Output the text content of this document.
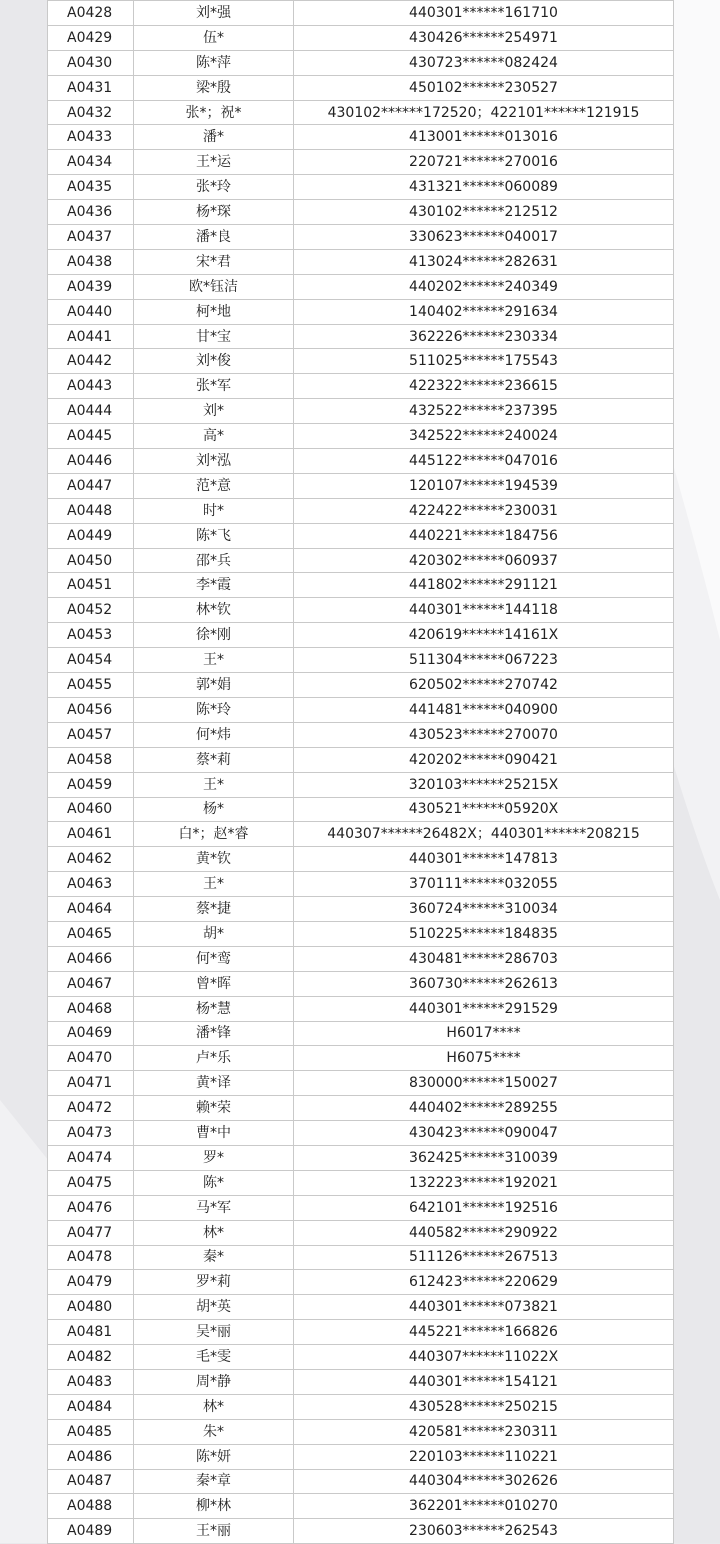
A0428	刘*强	440301******161710
A0429	伍*	430426******254971
A0430	陈*萍	430723******082424
A0431	梁*殷	450102******230527
A0432	张*；祝*	430102******172520；422101******121915
A0433	潘*	413001******013016
A0434	王*运	220721******270016
A0435	张*玲	431321******060089
A0436	杨*琛	430102******212512
A0437	潘*良	330623******040017
A0438	宋*君	413024******282631
A0439	欧*钰洁	440202******240349
A0440	柯*地	140402******291634
A0441	甘*宝	362226******230334
A0442	刘*俊	511025******175543
A0443	张*军	422322******236615
A0444	刘*	432522******237395
A0445	高*	342522******240024
A0446	刘*泓	445122******047016
A0447	范*意	120107******194539
A0448	时*	422422******230031
A0449	陈*飞	440221******184756
A0450	邵*兵	420302******060937
A0451	李*霞	441802******291121
A0452	林*钦	440301******144118
A0453	徐*刚	420619******14161X
A0454	王*	511304******067223
A0455	郭*娟	620502******270742
A0456	陈*玲	441481******040900
A0457	何*炜	430523******270070
A0458	蔡*莉	420202******090421
A0459	王*	320103******25215X
A0460	杨*	430521******05920X
A0461	白*；赵*睿	440307******26482X；440301******208215
A0462	黄*钦	440301******147813
A0463	王*	370111******032055
A0464	蔡*捷	360724******310034
A0465	胡*	510225******184835
A0466	何*鸾	430481******286703
A0467	曾*晖	360730******262613
A0468	杨*慧	440301******291529
A0469	潘*锋	H6017****
A0470	卢*乐	H6075****
A0471	黄*译	830000******150027
A0472	赖*荣	440402******289255
A0473	曹*中	430423******090047
A0474	罗*	362425******310039
A0475	陈*	132223******192021
A0476	马*军	642101******192516
A0477	林*	440582******290922
A0478	秦*	511126******267513
A0479	罗*莉	612423******220629
A0480	胡*英	440301******073821
A0481	吴*丽	445221******166826
A0482	毛*雯	440307******11022X
A0483	周*静	440301******154121
A0484	林*	430528******250215
A0485	朱*	420581******230311
A0486	陈*妍	220103******110221
A0487	秦*章	440304******302626
A0488	柳*林	362201******010270
A0489	王*丽	230603******262543
